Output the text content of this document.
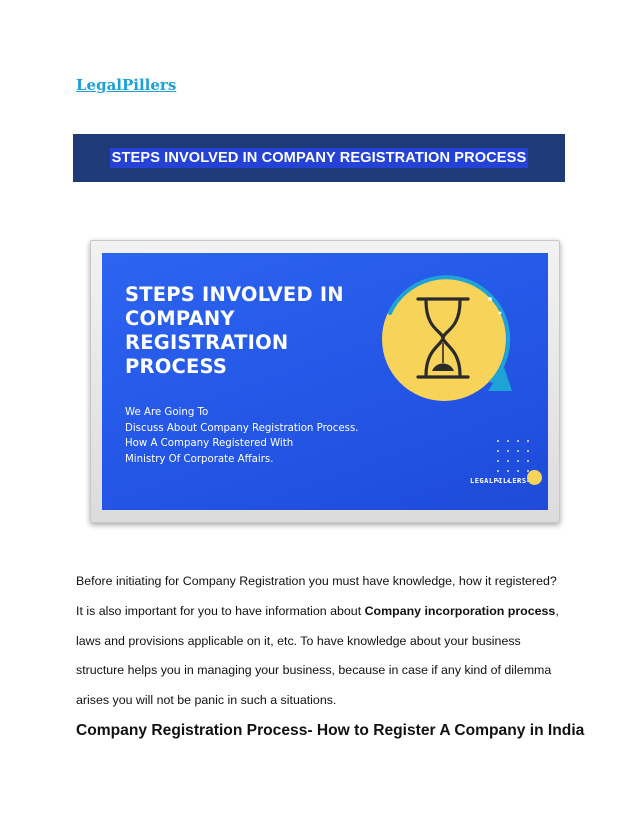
LegalPillers
STEPS INVOLVED IN COMPANY REGISTRATION PROCESS
STEPS INVOLVED IN
COMPANY
REGISTRATION
PROCESS
We Are Going To
Discuss About Company Registration Process.
How A Company Registered With
Ministry Of Corporate Affairs.
LEGALPILLERS
Before initiating for Company Registration you must have knowledge, how it registered?
It is also important for you to have information about Company incorporation process,
laws and provisions applicable on it, etc. To have knowledge about your business
structure helps you in managing your business, because in case if any kind of dilemma
arises you will not be panic in such a situations.
Company Registration Process- How to Register A Company in India
